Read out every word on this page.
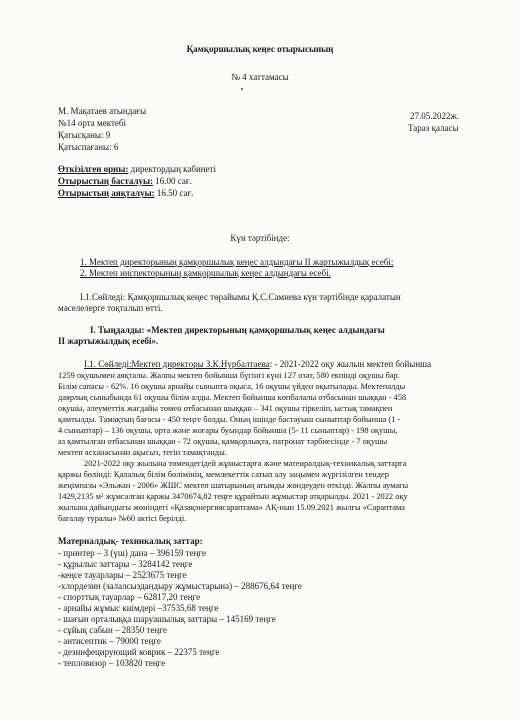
Қамқоршылық кеңес отырысының
№ 4 хаттамасы
М. Мақатаев атындағы
№14 орта мектебі
Қатысқаны: 9
Қатыспағаны: 6
27.05.2022ж.
Тараз қаласы
Өткізілген орны: директордың кабинеті
Отырыстың басталуы: 16.00 сағ.
Отырыстың аяқталуы: 16.50 сағ.
Күн тәртібінде:
1. Мектеп директорының қамқоршылық кеңес алдындағы II жартыжылдық есебі;
2. Мектеп инспекторының қамқоршылық кеңес алдындағы есебі.
І.1.Сөйледі: Қамқоршылық кеңес төрайымы Қ.С.Самиева күн тәртібінде қаралатын
мәселелерге тоқталып өтті.
І. Тыңдалды: «Мектеп директорының қамқоршылық кеңес алдындағы
ІІ жартыжылдық есебі».
І.1. Сөйледі:Мектеп директоры З.К.Нурбалтаева: - 2021-2022 оқу жылын мектеп бойынша
1259 оқушымен аяқталы. Жалпы мектеп бойынша бүгінгі күні 127 озат, 580 екпінді оқушы бар.
Білім сапасы - 62%. 16 оқушы арнайы сыныпта оқыса, 16 оқушы үйден оқытылады. Мектепалды
даярлық сыныбында 61 оқушы білім алды. Мектеп бойынша көпбалалы отбасынан шыққан - 458
оқушы, әлеуметтік жағдайы төмен отбасынан шыққан – 341 оқушы тіркеліп, ыстық тамақпен
қамтылды. Тамақтың бағасы - 450 теңге болды. Оның ішінде бастауыш сыныптар бойынша (1 -
4 сыныптар) – 136 оқушы, орта және жоғары буындар бойынша (5- 11 сыныптар) - 198 оқушы,
аз қамтылған отбасынан шыққан - 72 оқушы, қамқорлықта, патронат тәрбиесінде - 7 оқушы
мектеп асханасынан ақысыз, тегін тамақтанды.
2021-2022 оқу жылына төмендегідей жұмыстарға және матеиралдық-техникалық заттарға
қаржы бөлінді: Қалалық білім бөлімінің, мемлекеттік сатып алу заңымен жүргізілген тендер
жеңімпазы «Эльжан - 2006» ЖШС мектеп шатырының ағымды жөндеуден өткізді. Жалпы аумағы
1429,2135 м² жұмсалған қаржы 3470674,82 теңге құрайтын жұмыстар атқарылды. 2021 - 2022 оқу
жылына дайындығы жөніндегі «Қазақэнергиясараптама» АҚ-нын 15.09.2021 жылғы «Сараптама
бағалау туралы» №60 актісі берілді.
Материалдық- техникалық заттар:
- принтер – 3 (үш) дана – 396159 теңге
- құрылыс заттары – 3284142 теңге
-кеңсе тауарлары – 2523675 теңге
-хлордезин (залалсыздандыру жұмыстарына) – 288676,64 теңге
- спорттық тауарлар – 62817,20 теңге
- арнайы жұмыс киімдері –37535,68 теңге
- шағын орталыққа шаруашылық заттары – 145169 теңге
- сұйық сабын – 28350 теңге
- антисептик – 79000 теңге
- дезинфецирующий коврик – 22375 теңге
- тепловизор – 103820 теңге
